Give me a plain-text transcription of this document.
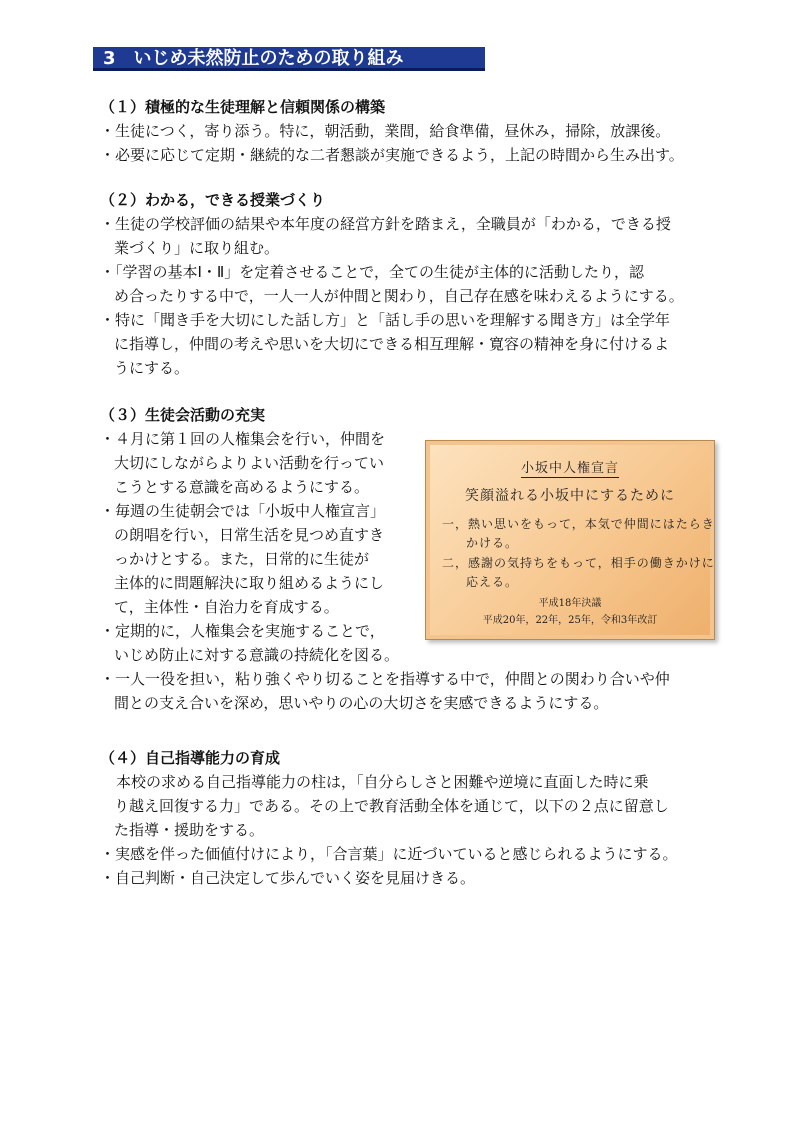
3 いじめ未然防止のための取り組み
（１）積極的な生徒理解と信頼関係の構築
・生徒につく，寄り添う。特に，朝活動，業間，給食準備，昼休み，掃除，放課後。
・必要に応じて定期・継続的な二者懇談が実施できるよう，上記の時間から生み出す。
（２）わかる，できる授業づくり
・生徒の学校評価の結果や本年度の経営方針を踏まえ，全職員が「わかる，できる授
業づくり」に取り組む。
・「学習の基本Ⅰ・Ⅱ」を定着させることで，全ての生徒が主体的に活動したり，認
め合ったりする中で，一人一人が仲間と関わり，自己存在感を味わえるようにする。
・特に「聞き手を大切にした話し方」と「話し手の思いを理解する聞き方」は全学年
に指導し，仲間の考えや思いを大切にできる相互理解・寛容の精神を身に付けるよ
うにする。
（３）生徒会活動の充実
・４月に第１回の人権集会を行い，仲間を
大切にしながらよりよい活動を行ってい
こうとする意識を高めるようにする。
・毎週の生徒朝会では「小坂中人権宣言」
の朗唱を行い，日常生活を見つめ直すき
っかけとする。また，日常的に生徒が
主体的に問題解決に取り組めるようにし
て，主体性・自治力を育成する。
・定期的に，人権集会を実施することで，
いじめ防止に対する意識の持続化を図る。
・一人一役を担い，粘り強くやり切ることを指導する中で，仲間との関わり合いや仲
間との支え合いを深め，思いやりの心の大切さを実感できるようにする。
小坂中人権宣言
笑顔溢れる小坂中にするために
一，熱い思いをもって，本気で仲間にはたらき
かける。
二，感謝の気持ちをもって，相手の働きかけに
応える。
平成18年決議
平成20年，22年，25年，令和3年改訂
（４）自己指導能力の育成
本校の求める自己指導能力の柱は，「自分らしさと困難や逆境に直面した時に乗
り越え回復する力」である。その上で教育活動全体を通じて，以下の２点に留意し
た指導・援助をする。
・実感を伴った価値付けにより，「合言葉」に近づいていると感じられるようにする。
・自己判断・自己決定して歩んでいく姿を見届けきる。
